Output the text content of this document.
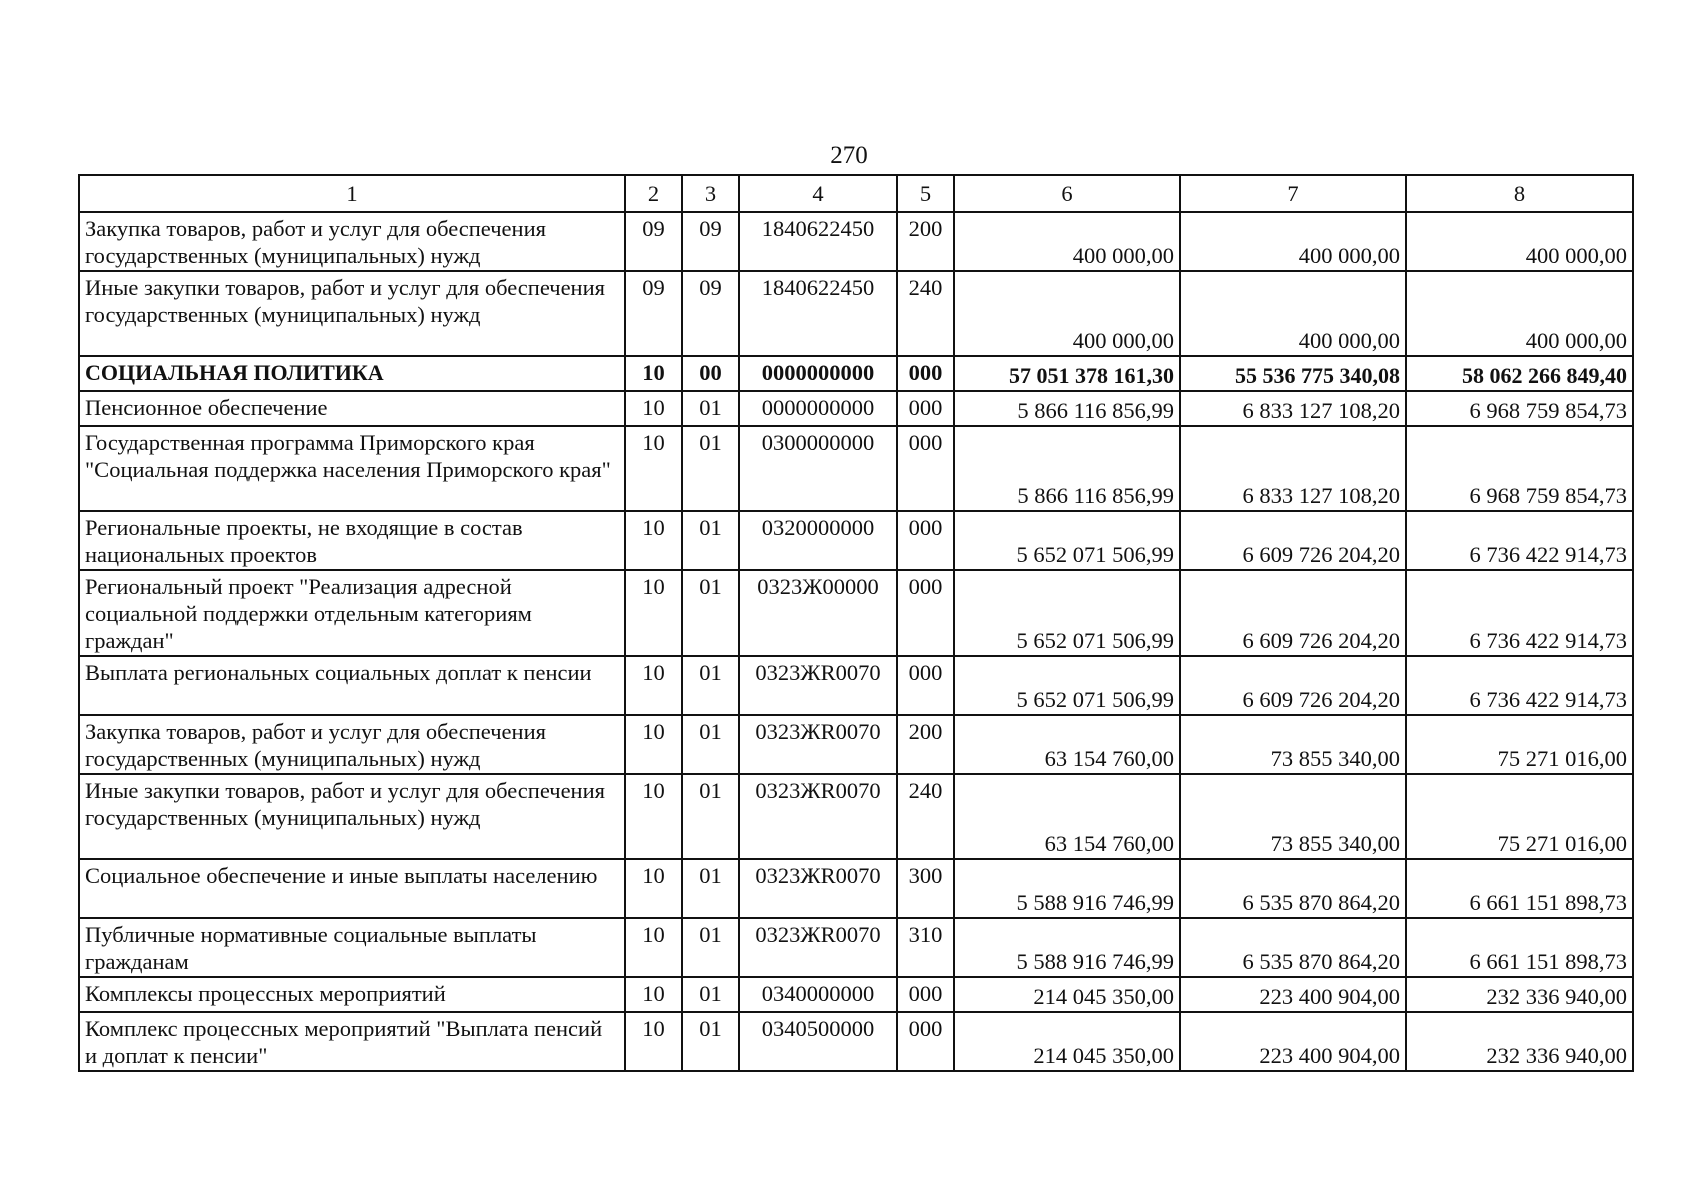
270
1	2	3	4	5	6	7	8
Закупка товаров, работ и услуг для обеспечения государственных (муниципальных) нужд	09	09	1840622450	200	400 000,00	400 000,00	400 000,00
Иные закупки товаров, работ и услуг для обеспечения государственных (муниципальных) нужд	09	09	1840622450	240	400 000,00	400 000,00	400 000,00
СОЦИАЛЬНАЯ ПОЛИТИКА	10	00	0000000000	000	57 051 378 161,30	55 536 775 340,08	58 062 266 849,40
Пенсионное обеспечение	10	01	0000000000	000	5 866 116 856,99	6 833 127 108,20	6 968 759 854,73
Государственная программа Приморского края "Социальная поддержка населения Приморского края"	10	01	0300000000	000	5 866 116 856,99	6 833 127 108,20	6 968 759 854,73
Региональные проекты, не входящие в состав национальных проектов	10	01	0320000000	000	5 652 071 506,99	6 609 726 204,20	6 736 422 914,73
Региональный проект "Реализация адресной социальной поддержки отдельным категориям граждан"	10	01	0323Ж00000	000	5 652 071 506,99	6 609 726 204,20	6 736 422 914,73
Выплата региональных социальных доплат к пенсии	10	01	0323ЖR0070	000	5 652 071 506,99	6 609 726 204,20	6 736 422 914,73
Закупка товаров, работ и услуг для обеспечения государственных (муниципальных) нужд	10	01	0323ЖR0070	200	63 154 760,00	73 855 340,00	75 271 016,00
Иные закупки товаров, работ и услуг для обеспечения государственных (муниципальных) нужд	10	01	0323ЖR0070	240	63 154 760,00	73 855 340,00	75 271 016,00
Социальное обеспечение и иные выплаты населению	10	01	0323ЖR0070	300	5 588 916 746,99	6 535 870 864,20	6 661 151 898,73
Публичные нормативные социальные выплаты гражданам	10	01	0323ЖR0070	310	5 588 916 746,99	6 535 870 864,20	6 661 151 898,73
Комплексы процессных мероприятий	10	01	0340000000	000	214 045 350,00	223 400 904,00	232 336 940,00
Комплекс процессных мероприятий "Выплата пенсий и доплат к пенсии"	10	01	0340500000	000	214 045 350,00	223 400 904,00	232 336 940,00
